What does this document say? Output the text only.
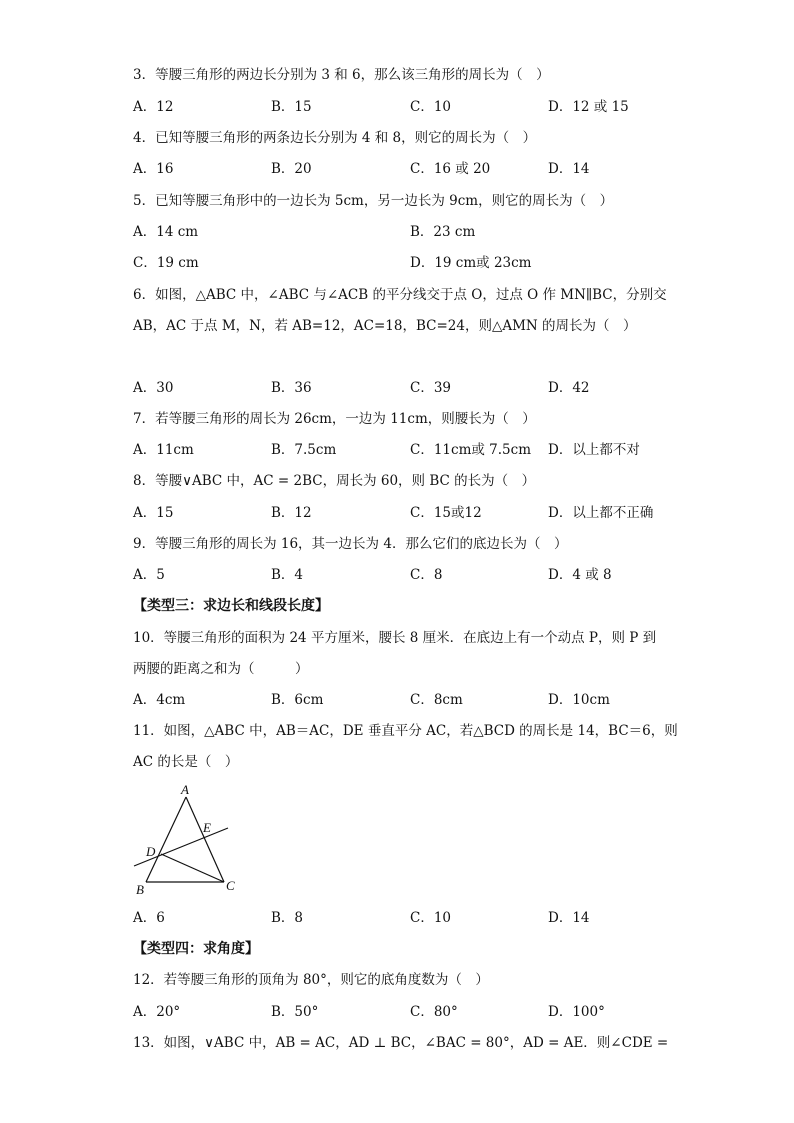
3．等腰三角形的两边长分别为 3 和 6，那么该三角形的周长为（　）
A．12	B．15	C．10	D．12 或 15
4．已知等腰三角形的两条边长分别为 4 和 8，则它的周长为（　）
A．16	B．20	C．16 或 20	D．14
5．已知等腰三角形中的一边长为 5cm，另一边长为 9cm，则它的周长为（　）
A．14 cm	B．23 cm
C．19 cm	D．19 cm或 23cm
6．如图，△ABC 中，∠ABC 与∠ACB 的平分线交于点 O，过点 O 作 MN∥BC，分别交
AB，AC 于点 M，N，若 AB=12，AC=18，BC=24，则△AMN 的周长为（　）
A．30	B．36	C．39	D．42
7．若等腰三角形的周长为 26cm，一边为 11cm，则腰长为（　）
A．11cm	B．7.5cm	C．11cm或 7.5cm D．以上都不对
8．等腰∨ABC 中，AC = 2BC，周长为 60，则 BC 的长为（　）
A．15	B．12	C．15或12	D．以上都不正确
9．等腰三角形的周长为 16，其一边长为 4．那么它们的底边长为（　）
A．5	B．4	C．8	D．4 或 8
【类型三：求边长和线段长度】
10．等腰三角形的面积为 24 平方厘米，腰长 8 厘米．在底边上有一个动点 P，则 P 到
两腰的距离之和为（　　　）
A．4cm	B．6cm	C．8cm	D．10cm
11．如图，△ABC 中，AB＝AC，DE 垂直平分 AC，若△BCD 的周长是 14，BC＝6，则
AC 的长是（　）
A
E
D
B	C
A．6	B．8	C．10	D．14
【类型四：求角度】
12．若等腰三角形的顶角为 80°，则它的底角度数为（　）
A．20°	B．50°	C．80°	D．100°
13．如图，∨ABC 中，AB = AC，AD ⊥ BC，∠BAC = 80°，AD = AE．则∠CDE =
